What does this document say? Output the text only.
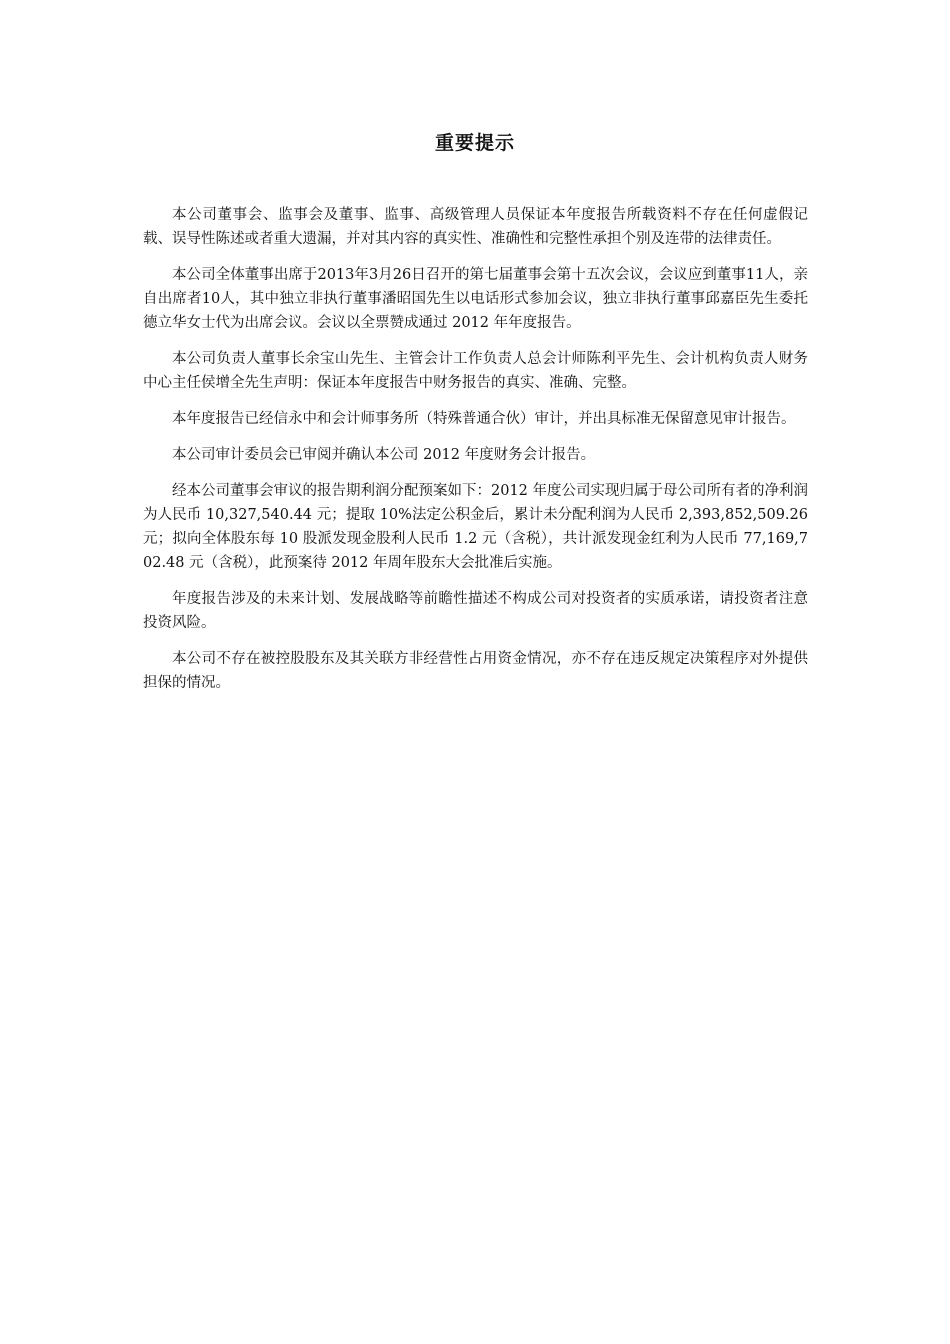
重要提示

本公司董事会、监事会及董事、监事、高级管理人员保证本年度报告所载资料不存在任何虚假记载、误导性陈述或者重大遗漏，并对其内容的真实性、准确性和完整性承担个别及连带的法律责任。

本公司全体董事出席于2013年3月26日召开的第七届董事会第十五次会议，会议应到董事11人，亲自出席者10人，其中独立非执行董事潘昭国先生以电话形式参加会议，独立非执行董事邱嘉臣先生委托德立华女士代为出席会议。会议以全票赞成通过 2012 年年度报告。

本公司负责人董事长余宝山先生、主管会计工作负责人总会计师陈利平先生、会计机构负责人财务中心主任侯增全先生声明：保证本年度报告中财务报告的真实、准确、完整。

本年度报告已经信永中和会计师事务所（特殊普通合伙）审计，并出具标准无保留意见审计报告。

本公司审计委员会已审阅并确认本公司 2012 年度财务会计报告。

经本公司董事会审议的报告期利润分配预案如下：2012 年度公司实现归属于母公司所有者的净利润为人民币 10,327,540.44 元；提取 10%法定公积金后，累计未分配利润为人民币 2,393,852,509.26 元；拟向全体股东每 10 股派发现金股利人民币 1.2 元（含税），共计派发现金红利为人民币 77,169,702.48 元（含税），此预案待 2012 年周年股东大会批准后实施。

年度报告涉及的未来计划、发展战略等前瞻性描述不构成公司对投资者的实质承诺，请投资者注意投资风险。

本公司不存在被控股股东及其关联方非经营性占用资金情况，亦不存在违反规定决策程序对外提供担保的情况。
